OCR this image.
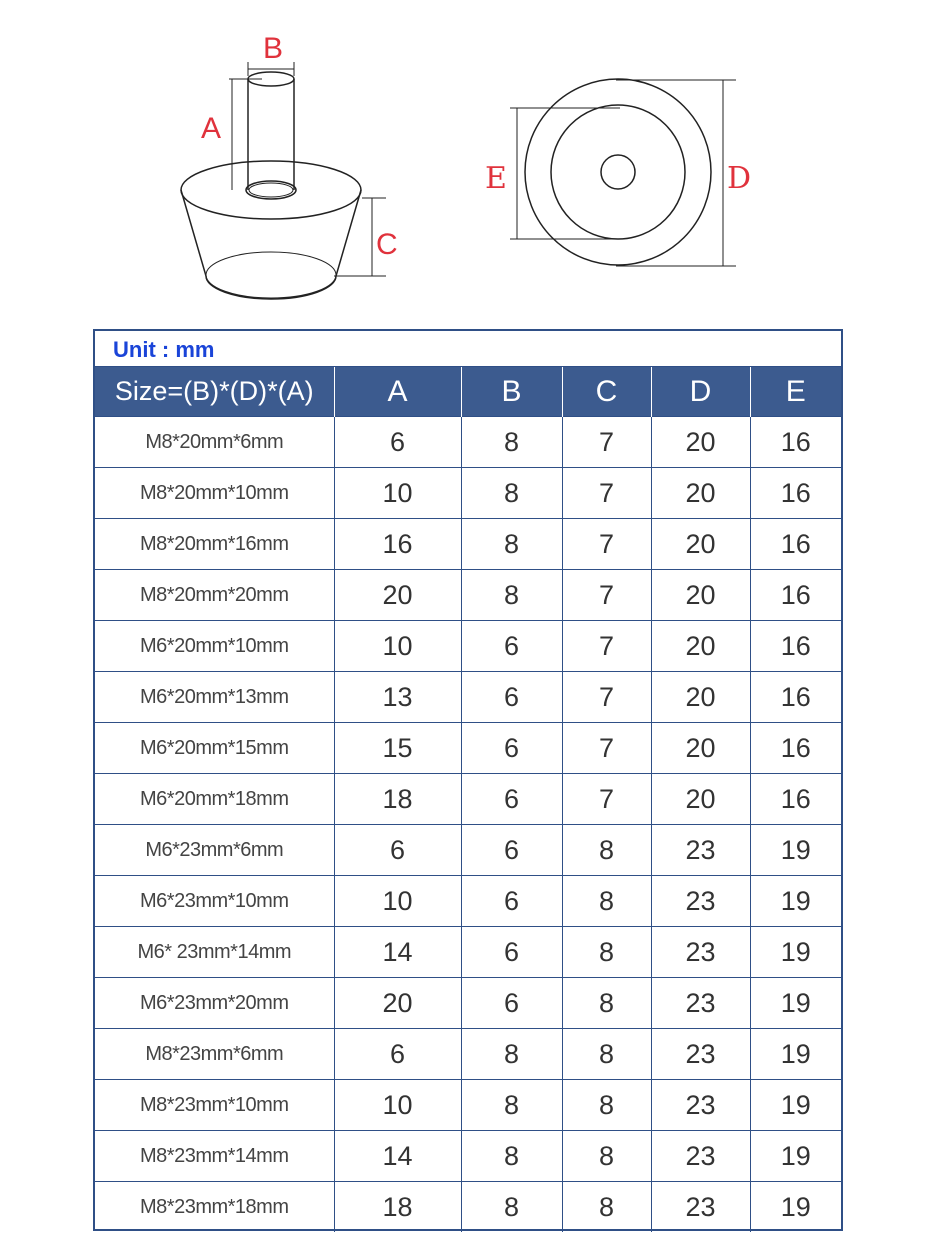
B
A
C
E	D
Unit : mm
Size=(B)*(D)*(A)	A	B	C	D	E
M8*20mm*6mm	6	8	7	20	16
M8*20mm*10mm	10	8	7	20	16
M8*20mm*16mm	16	8	7	20	16
M8*20mm*20mm	20	8	7	20	16
M6*20mm*10mm	10	6	7	20	16
M6*20mm*13mm	13	6	7	20	16
M6*20mm*15mm	15	6	7	20	16
M6*20mm*18mm	18	6	7	20	16
M6*23mm*6mm	6	6	8	23	19
M6*23mm*10mm	10	6	8	23	19
M6* 23mm*14mm	14	6	8	23	19
M6*23mm*20mm	20	6	8	23	19
M8*23mm*6mm	6	8	8	23	19
M8*23mm*10mm	10	8	8	23	19
M8*23mm*14mm	14	8	8	23	19
M8*23mm*18mm	18	8	8	23	19
